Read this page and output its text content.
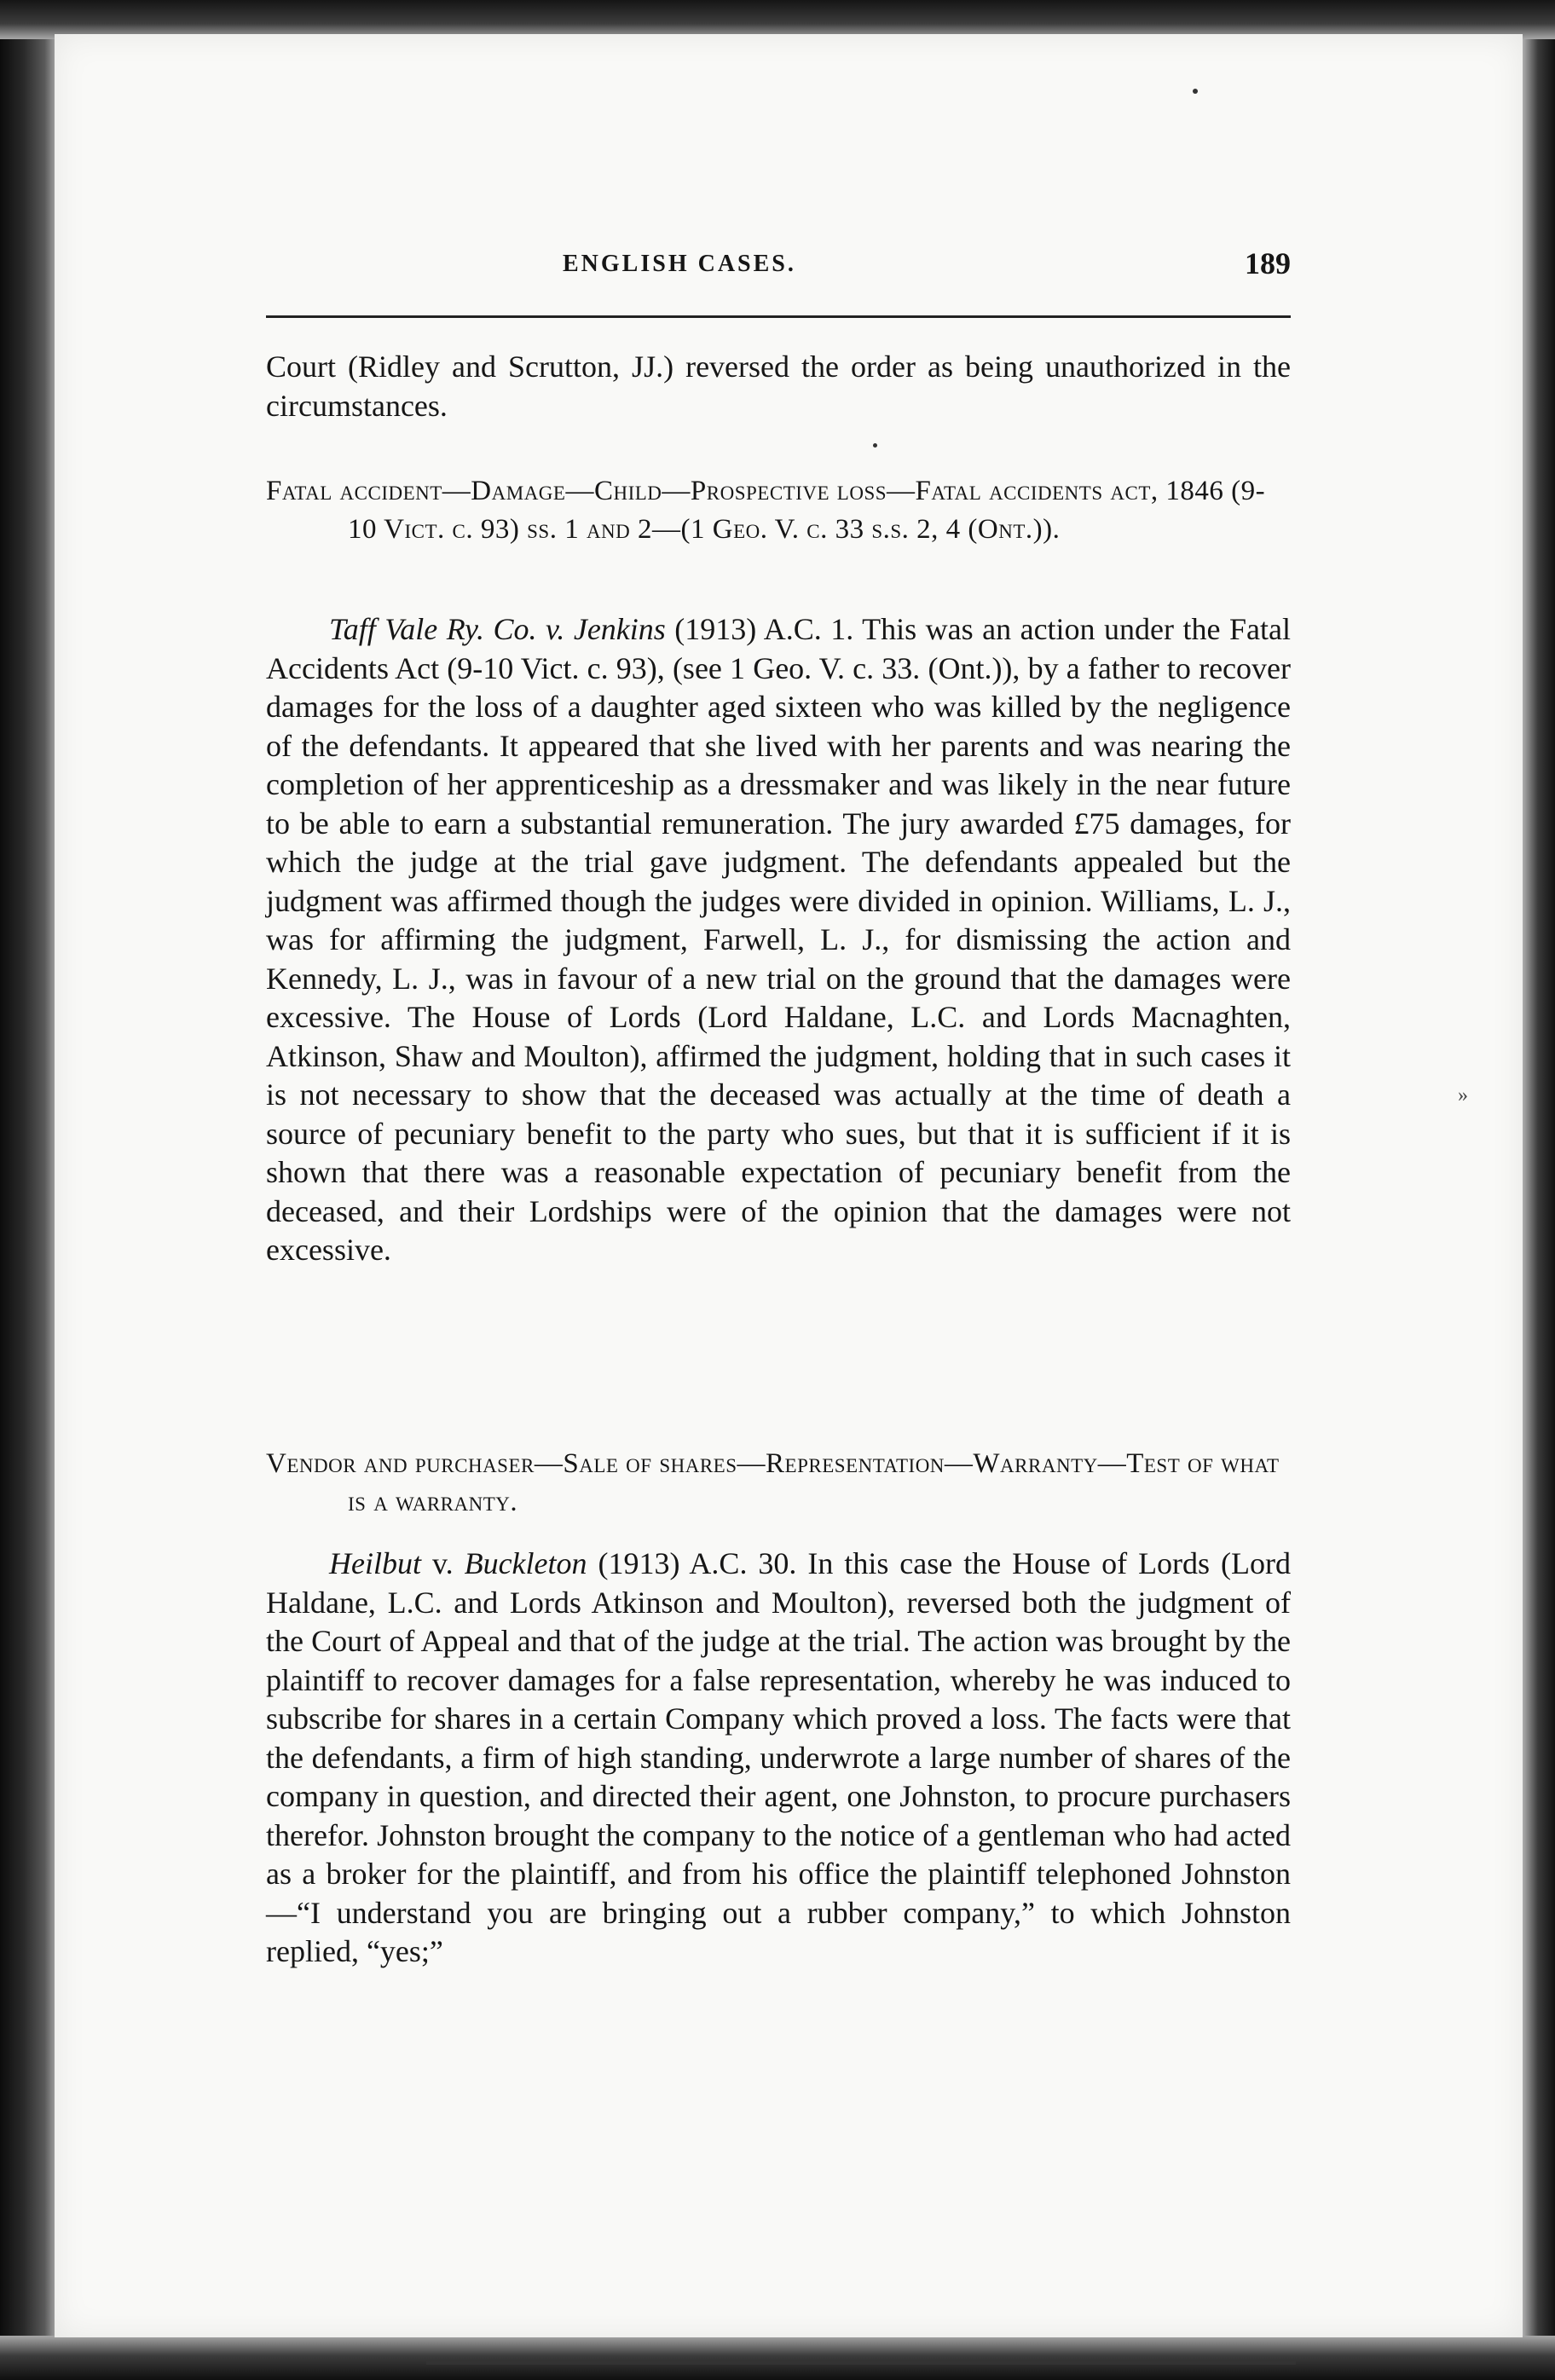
ENGLISH CASES.	189
Court (Ridley and Scrutton, JJ.) reversed the order as being unauthorized in the circumstances.
Fatal accident—Damage—Child—Prospective loss—Fatal accidents act, 1846 (9-10 Vict. c. 93) ss. 1 and 2—(1 Geo. V. c. 33 s.s. 2, 4 (Ont.)).
Taff Vale Ry. Co. v. Jenkins (1913) A.C. 1. This was an action under the Fatal Accidents Act (9-10 Vict. c. 93), (see 1 Geo. V. c. 33. (Ont.)), by a father to recover damages for the loss of a daughter aged sixteen who was killed by the negligence of the defendants. It appeared that she lived with her parents and was nearing the completion of her apprenticeship as a dressmaker and was likely in the near future to be able to earn a substantial remuneration. The jury awarded £75 damages, for which the judge at the trial gave judgment. The defendants appealed but the judgment was affirmed though the judges were divided in opinion. Williams, L. J., was for affirming the judgment, Farwell, L. J., for dismissing the action and Kennedy, L. J., was in favour of a new trial on the ground that the damages were excessive. The House of Lords (Lord Haldane, L.C. and Lords Macnaghten, Atkinson, Shaw and Moulton), affirmed the judgment, holding that in such cases it is not necessary to show that the deceased was actually at the time of death a source of pecuniary benefit to the party who sues, but that it is sufficient if it is shown that there was a reasonable expectation of pecuniary benefit from the deceased, and their Lordships were of the opinion that the damages were not excessive.
»
Vendor and purchaser—Sale of shares—Representation—Warranty—Test of what is a warranty.
Heilbut v. Buckleton (1913) A.C. 30. In this case the House of Lords (Lord Haldane, L.C. and Lords Atkinson and Moulton), reversed both the judgment of the Court of Appeal and that of the judge at the trial. The action was brought by the plaintiff to recover damages for a false representation, whereby he was induced to subscribe for shares in a certain Company which proved a loss. The facts were that the defendants, a firm of high standing, underwrote a large number of shares of the company in question, and directed their agent, one Johnston, to procure purchasers therefor. Johnston brought the company to the notice of a gentleman who had acted as a broker for the plaintiff, and from his office the plaintiff telephoned Johnston—“I understand you are bringing out a rubber company,” to which Johnston replied, “yes;”
